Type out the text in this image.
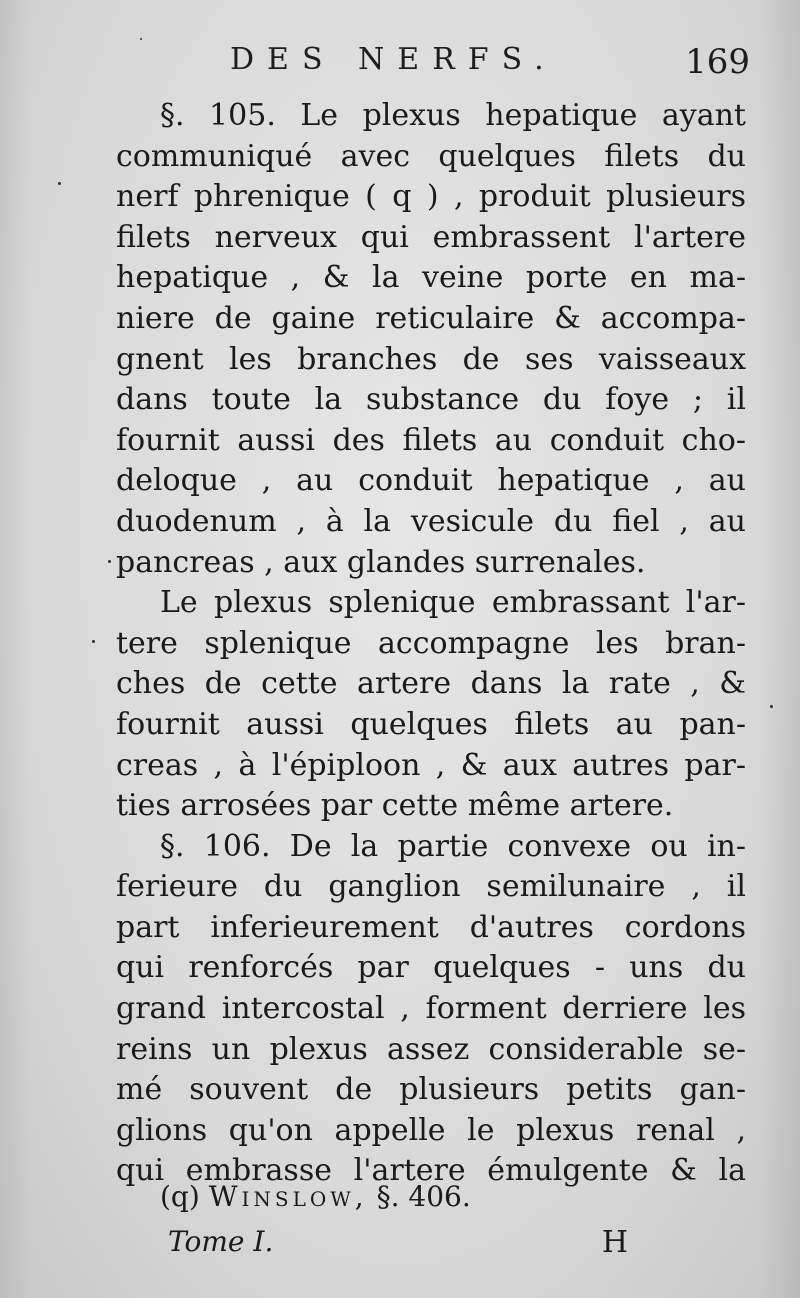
DES NERFS.	169
§. 105. Le plexus hepatique ayant
communiqué avec quelques filets du
nerf phrenique ( q ) , produit plusieurs
filets nerveux qui embrassent l'artere
hepatique , & la veine porte en ma-
niere de gaine reticulaire & accompa-
gnent les branches de ses vaisseaux
dans toute la substance du foye ; il
fournit aussi des filets au conduit cho-
deloque , au conduit hepatique , au
duodenum , à la vesicule du fiel , au
pancreas , aux glandes surrenales.
Le plexus splenique embrassant l'ar-
tere splenique accompagne les bran-
ches de cette artere dans la rate , &
fournit aussi quelques filets au pan-
creas , à l'épiploon , & aux autres par-
ties arrosées par cette même artere.
§. 106. De la partie convexe ou in-
ferieure du ganglion semilunaire , il
part inferieurement d'autres cordons
qui renforcés par quelques - uns du
grand intercostal , forment derriere les
reins un plexus assez considerable se-
mé souvent de plusieurs petits gan-
glions qu'on appelle le plexus renal ,
qui embrasse l'artere émulgente & la
(q) Winslow, §. 406.
Tome I.	H
